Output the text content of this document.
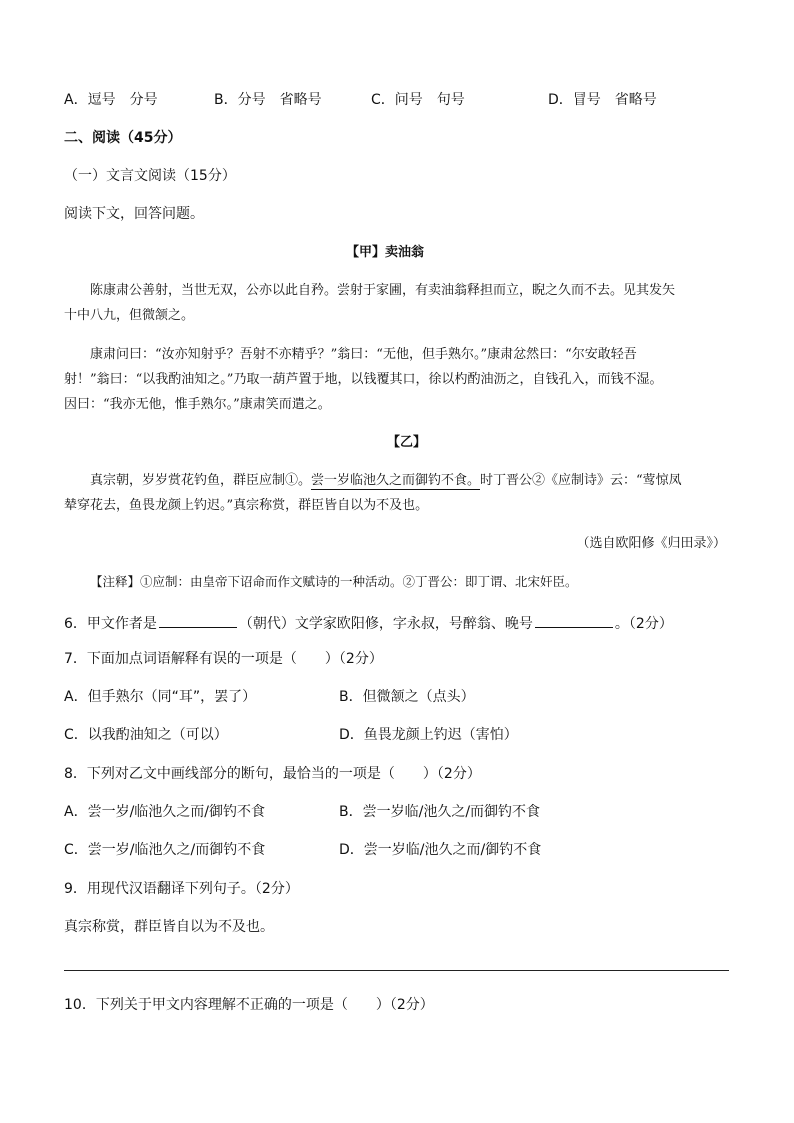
A．逗号　分号	B．分号　省略号	C．问号　句号	D．冒号　省略号
二、阅读（45分）
（一）文言文阅读（15分）
阅读下文，回答问题。
【甲】卖油翁
陈康肃公善射，当世无双，公亦以此自矜。尝射于家圃，有卖油翁释担而立，睨之久而不去。见其发矢
十中八九，但微颔之。
康肃问曰：“汝亦知射乎？吾射不亦精乎？”翁曰：“无他，但手熟尔。”康肃忿然曰：“尔安敢轻吾
射！”翁曰：“以我酌油知之。”乃取一葫芦置于地，以钱覆其口，徐以杓酌油沥之，自钱孔入，而钱不湿。
因曰：“我亦无他，惟手熟尔。”康肃笑而遣之。
【乙】
真宗朝，岁岁赏花钓鱼，群臣应制①。尝一岁临池久之而御钓不食。时丁晋公②《应制诗》云：“莺惊凤
辇穿花去，鱼畏龙颜上钓迟。”真宗称赏，群臣皆自以为不及也。
（选自欧阳修《归田录》）
【注释】①应制：由皇帝下诏命而作文赋诗的一种活动。②丁晋公：即丁谓、北宋奸臣。
6．甲文作者是	（朝代）文学家欧阳修，字永叔，号醉翁、晚号	。（2分）
7．下面加点词语解释有误的一项是（　　）（2分）
A．但手熟尔（同“耳”，罢了）	B．但微颔之（点头）
C．以我酌油知之（可以）	D．鱼畏龙颜上钓迟（害怕）
8．下列对乙文中画线部分的断句，最恰当的一项是（　　）（2分）
A．尝一岁/临池久之而/御钓不食	B．尝一岁临/池久之/而御钓不食
C．尝一岁/临池久之/而御钓不食	D．尝一岁临/池久之而/御钓不食
9．用现代汉语翻译下列句子。（2分）
真宗称赏，群臣皆自以为不及也。
10．下列关于甲文内容理解不正确的一项是（　　）（2分）
